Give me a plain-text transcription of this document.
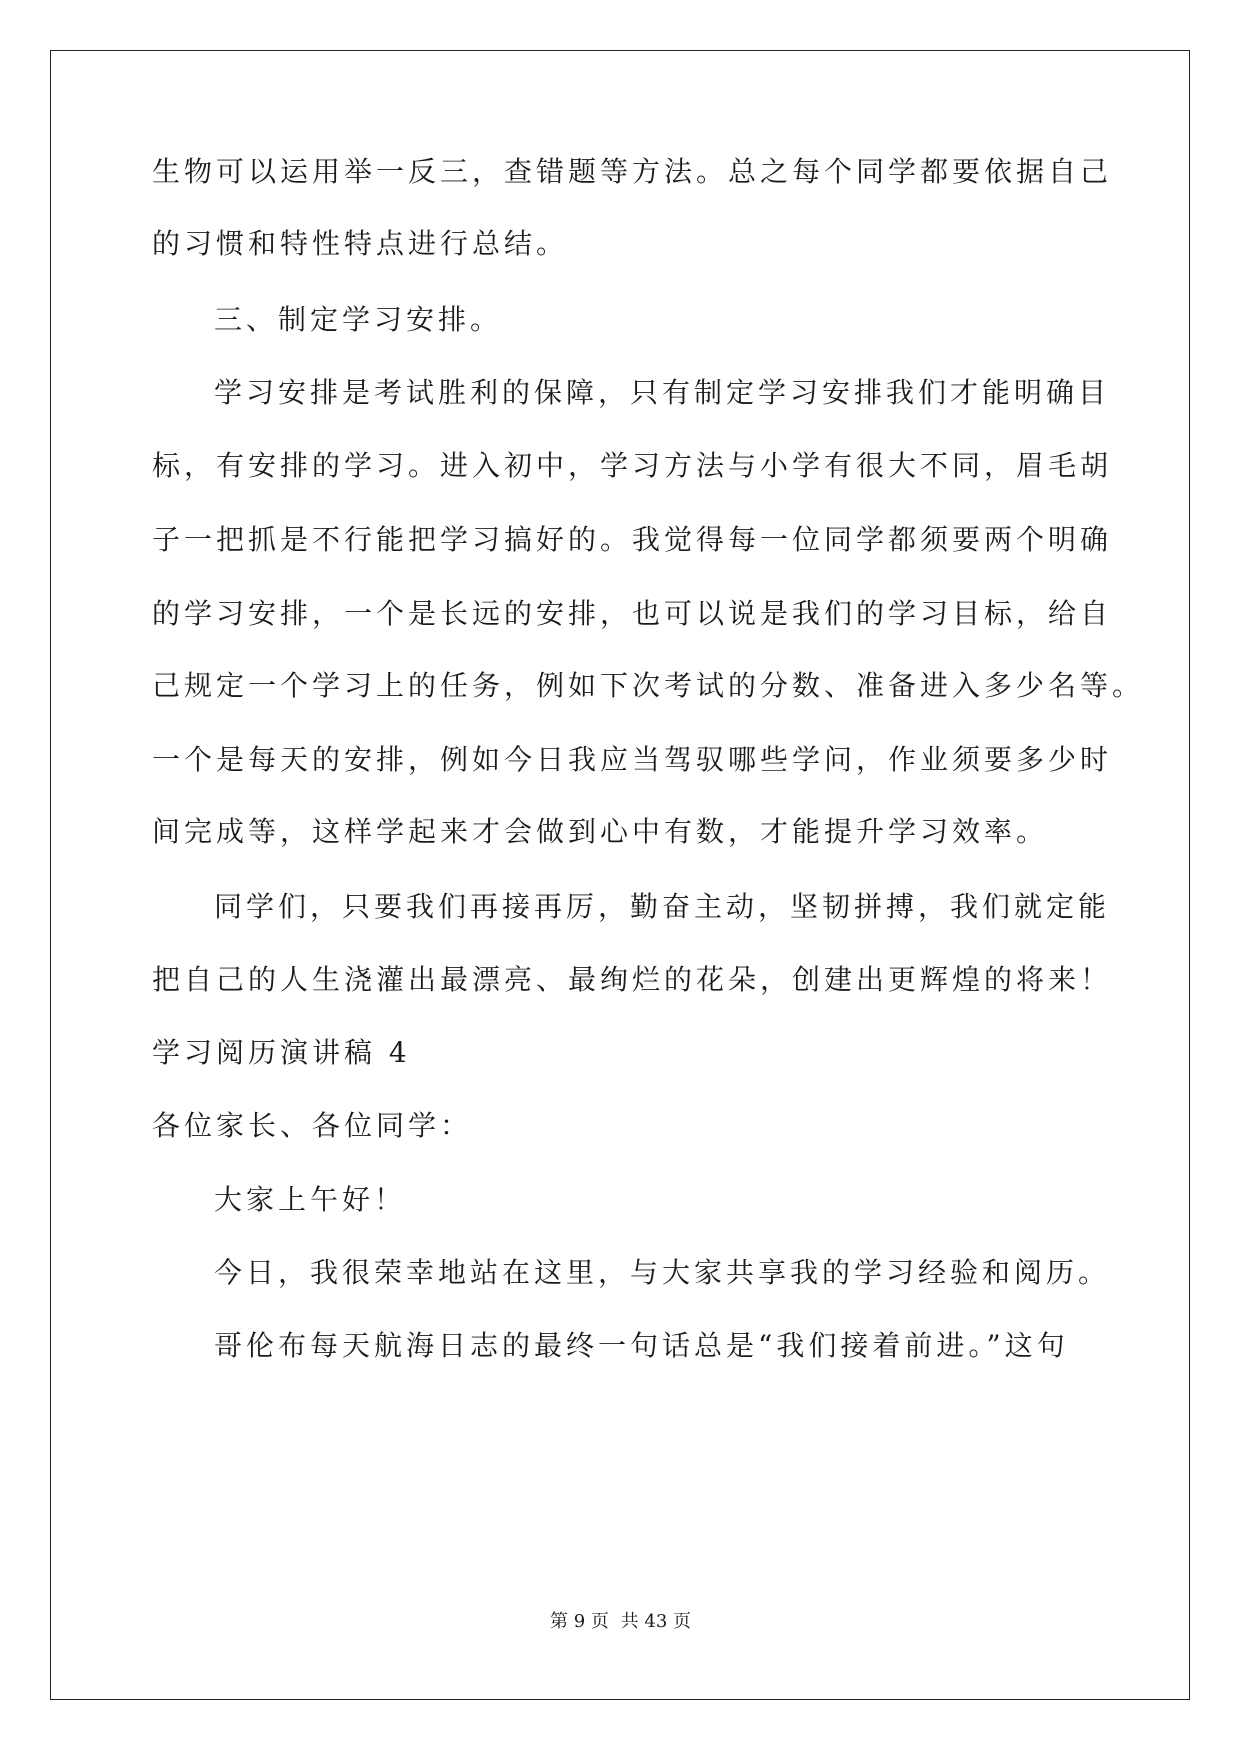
生物可以运用举一反三，查错题等方法。总之每个同学都要依据自己
的习惯和特性特点进行总结。
三、制定学习安排。
学习安排是考试胜利的保障，只有制定学习安排我们才能明确目
标，有安排的学习。进入初中，学习方法与小学有很大不同，眉毛胡
子一把抓是不行能把学习搞好的。我觉得每一位同学都须要两个明确
的学习安排，一个是长远的安排，也可以说是我们的学习目标，给自
己规定一个学习上的任务，例如下次考试的分数、准备进入多少名等。
一个是每天的安排，例如今日我应当驾驭哪些学问，作业须要多少时
间完成等，这样学起来才会做到心中有数，才能提升学习效率。
同学们，只要我们再接再厉，勤奋主动，坚韧拼搏，我们就定能
把自己的人生浇灌出最漂亮、最绚烂的花朵，创建出更辉煌的将来！
学习阅历演讲稿 4
各位家长、各位同学：
大家上午好！
今日，我很荣幸地站在这里，与大家共享我的学习经验和阅历。
哥伦布每天航海日志的最终一句话总是“我们接着前进。”这句
第 9 页 共 43 页
